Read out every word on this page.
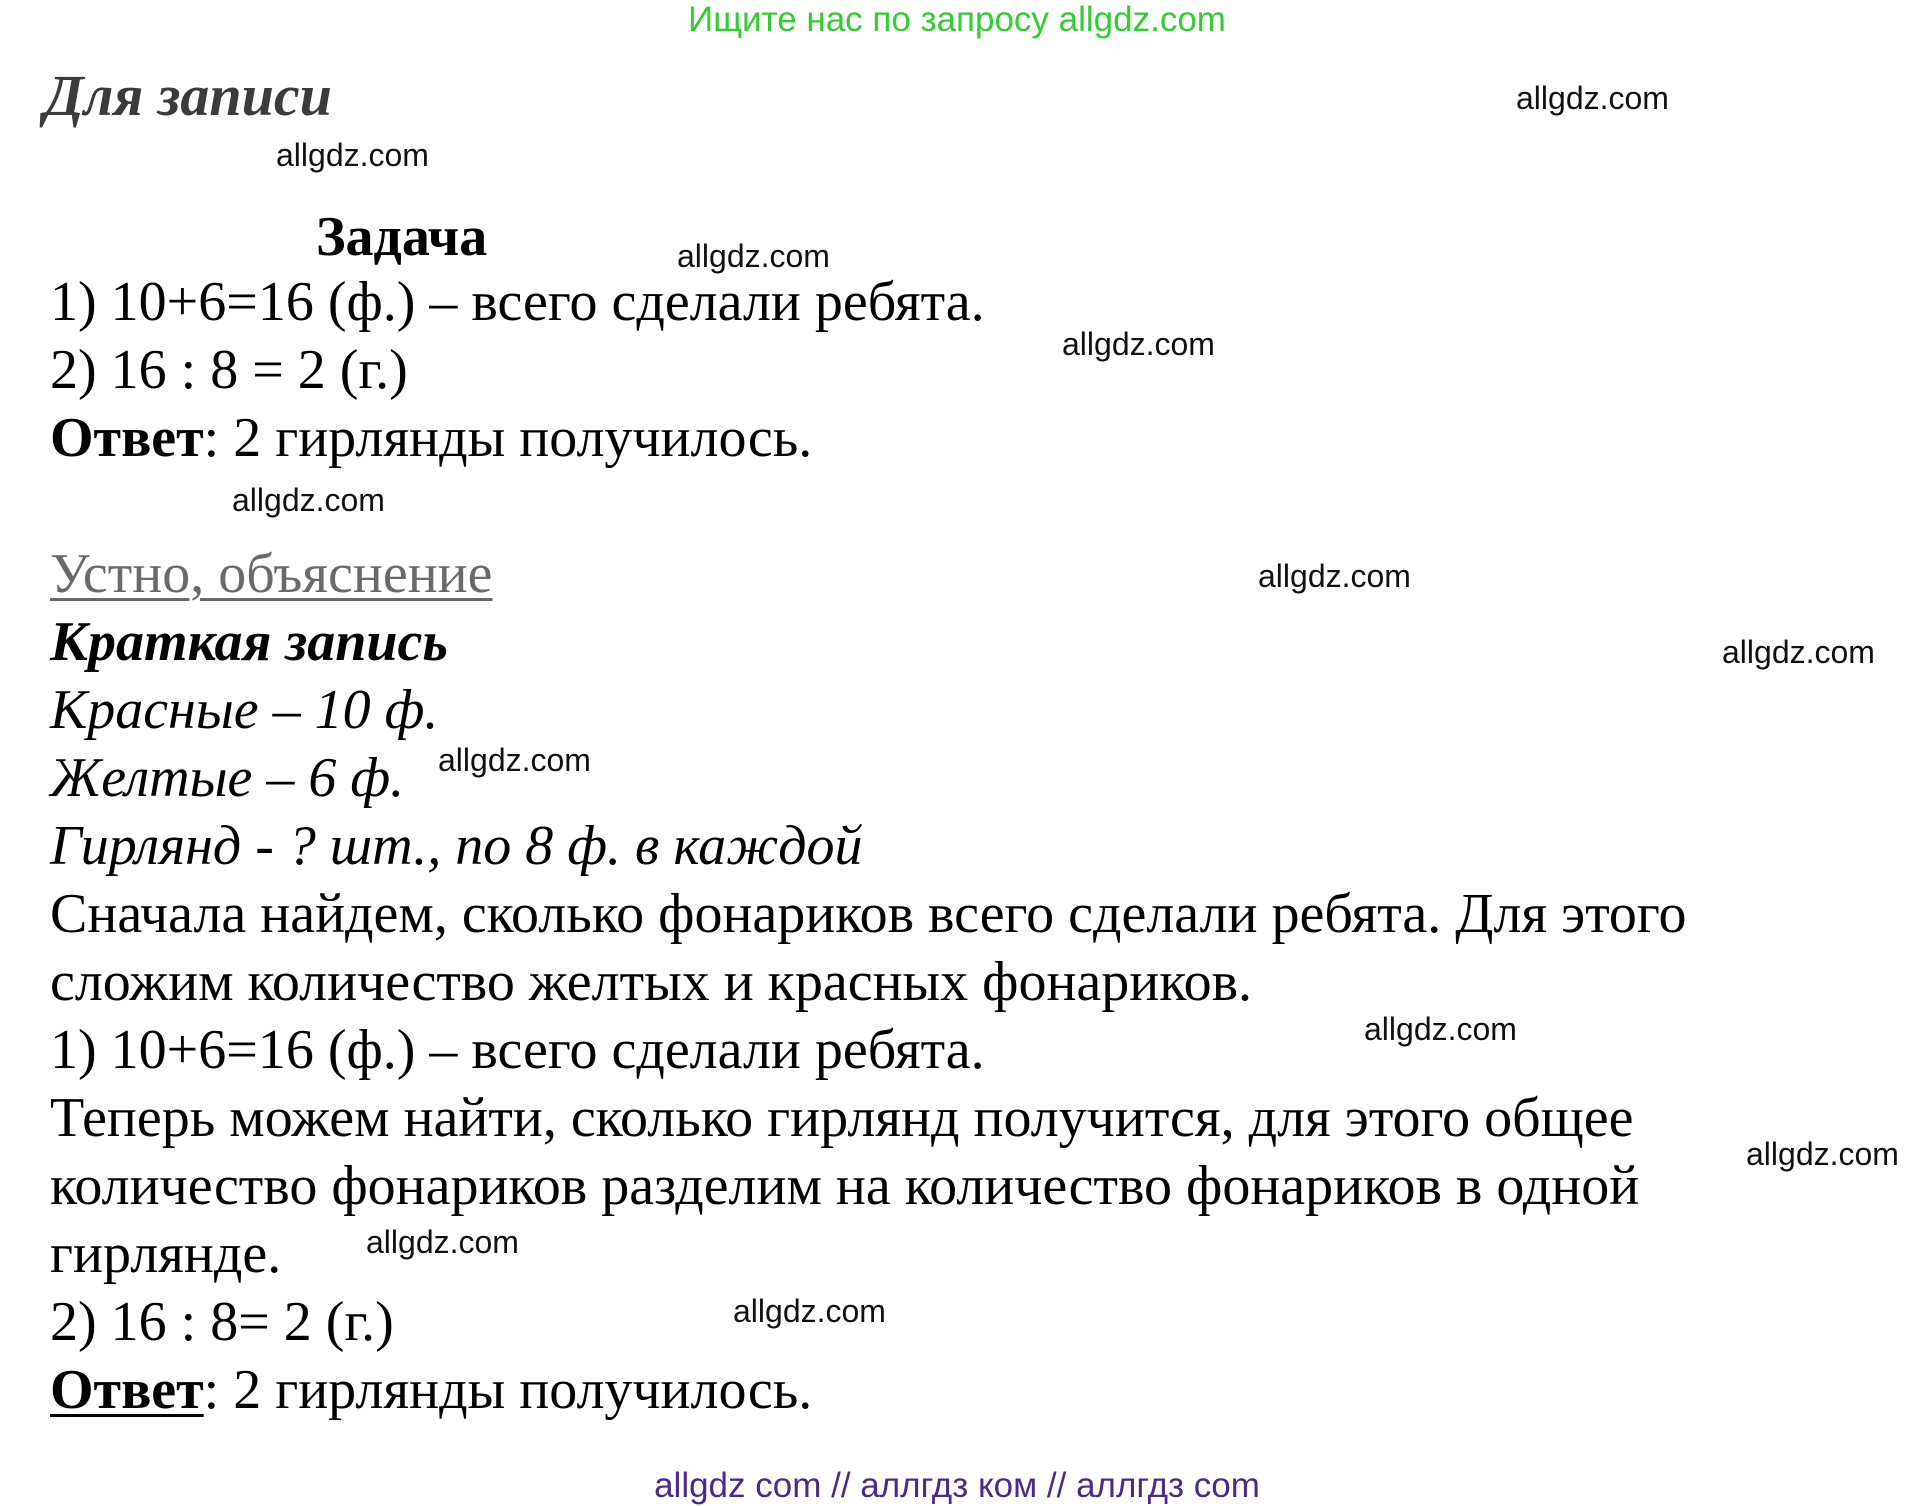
Ищите нас по запросу allgdz.com
Для записи
Задача
1) 10+6=16 (ф.) – всего сделали ребята.
2) 16 : 8 = 2 (г.)
Ответ: 2 гирлянды получилось.
Устно, объяснение
Краткая запись
Красные – 10 ф.
Желтые – 6 ф.
Гирлянд - ? шт., по 8 ф. в каждой
Сначала найдем, сколько фонариков всего сделали ребята. Для этого
сложим количество желтых и красных фонариков.
1) 10+6=16 (ф.) – всего сделали ребята.
Теперь можем найти, сколько гирлянд получится, для этого общее
количество фонариков разделим на количество фонариков в одной
гирлянде.
2) 16 : 8= 2 (г.)
Ответ: 2 гирлянды получилось.
allgdz.com
allgdz.com
allgdz.com
allgdz.com
allgdz.com
allgdz.com
allgdz.com
allgdz.com
allgdz.com
allgdz.com
allgdz.com
allgdz.com
allgdz com // аллгдз ком // аллгдз com
